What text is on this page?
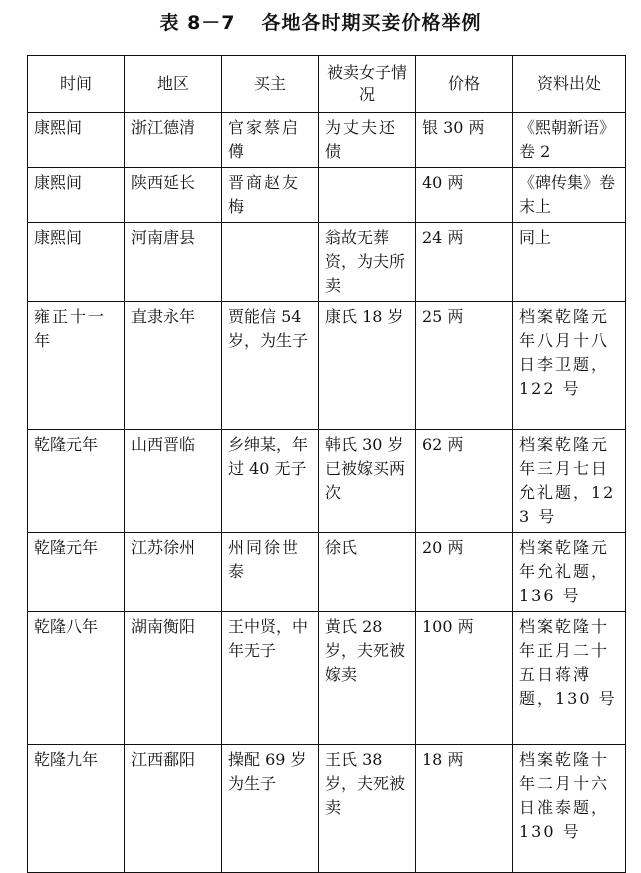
表 8－7 各地各时期买妾价格举例
时间	地区	买主	被卖女子情况	价格	资料出处
康熙间	浙江德清	官家蔡启僔	为丈夫还债	银 30 两	《熙朝新语》卷 2
康熙间	陕西延长	晋商赵友梅		40 两	《碑传集》卷末上
康熙间	河南唐县		翁故无葬资，为夫所卖	24 两	同上
雍正十一年	直隶永年	贾能信 54 岁，为生子	康氏 18 岁	25 两	档案乾隆元年八月十八日李卫题，122 号
乾隆元年	山西晋临	乡绅某，年过 40 无子	韩氏 30 岁已被嫁买两次	62 两	档案乾隆元年三月七日允礼题，123 号
乾隆元年	江苏徐州	州同徐世泰	徐氏	20 两	档案乾隆元年允礼题，136 号
乾隆八年	湖南衡阳	王中贤，中年无子	黄氏 28 岁，夫死被嫁卖	100 两	档案乾隆十年正月二十五日蒋溥题，130 号
乾隆九年	江西鄱阳	操配 69 岁为生子	王氏 38 岁，夫死被卖	18 两	档案乾隆十年二月十六日准泰题，130 号
